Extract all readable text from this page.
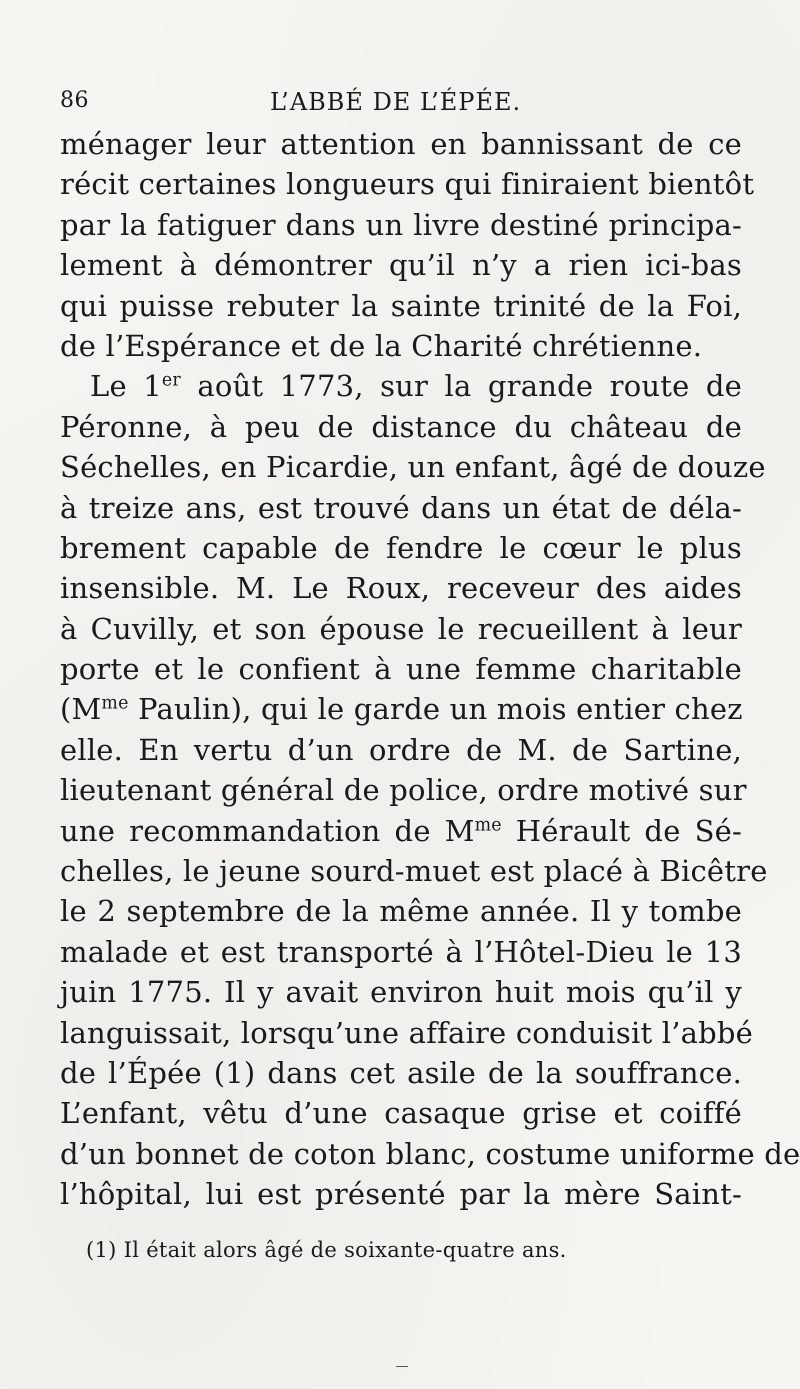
86	L’ABBÉ DE L’ÉPÉE.
ménager leur attention en bannissant de ce
récit certaines longueurs qui finiraient bientôt
par la fatiguer dans un livre destiné principa-
lement à démontrer qu’il n’y a rien ici-bas
qui puisse rebuter la sainte trinité de la Foi,
de l’Espérance et de la Charité chrétienne.
Le 1er août 1773, sur la grande route de
Péronne, à peu de distance du château de
Séchelles, en Picardie, un enfant, âgé de douze
à treize ans, est trouvé dans un état de déla-
brement capable de fendre le cœur le plus
insensible. M. Le Roux, receveur des aides
à Cuvilly, et son épouse le recueillent à leur
porte et le confient à une femme charitable
($M^{me}$ Paulin), qui le garde un mois entier chez
elle. En vertu d’un ordre de M. de Sartine,
lieutenant général de police, ordre motivé sur
une recommandation de $M^{me}$ Hérault de Sé-
chelles, le jeune sourd-muet est placé à Bicêtre
le 2 septembre de la même année. Il y tombe
malade et est transporté à l’Hôtel-Dieu le 13
juin 1775. Il y avait environ huit mois qu’il y
languissait, lorsqu’une affaire conduisit l’abbé
de l’Épée (1) dans cet asile de la souffrance.
L’enfant, vêtu d’une casaque grise et coiffé
d’un bonnet de coton blanc, costume uniforme de
l’hôpital, lui est présenté par la mère Saint-
(1) Il était alors âgé de soixante-quatre ans.
